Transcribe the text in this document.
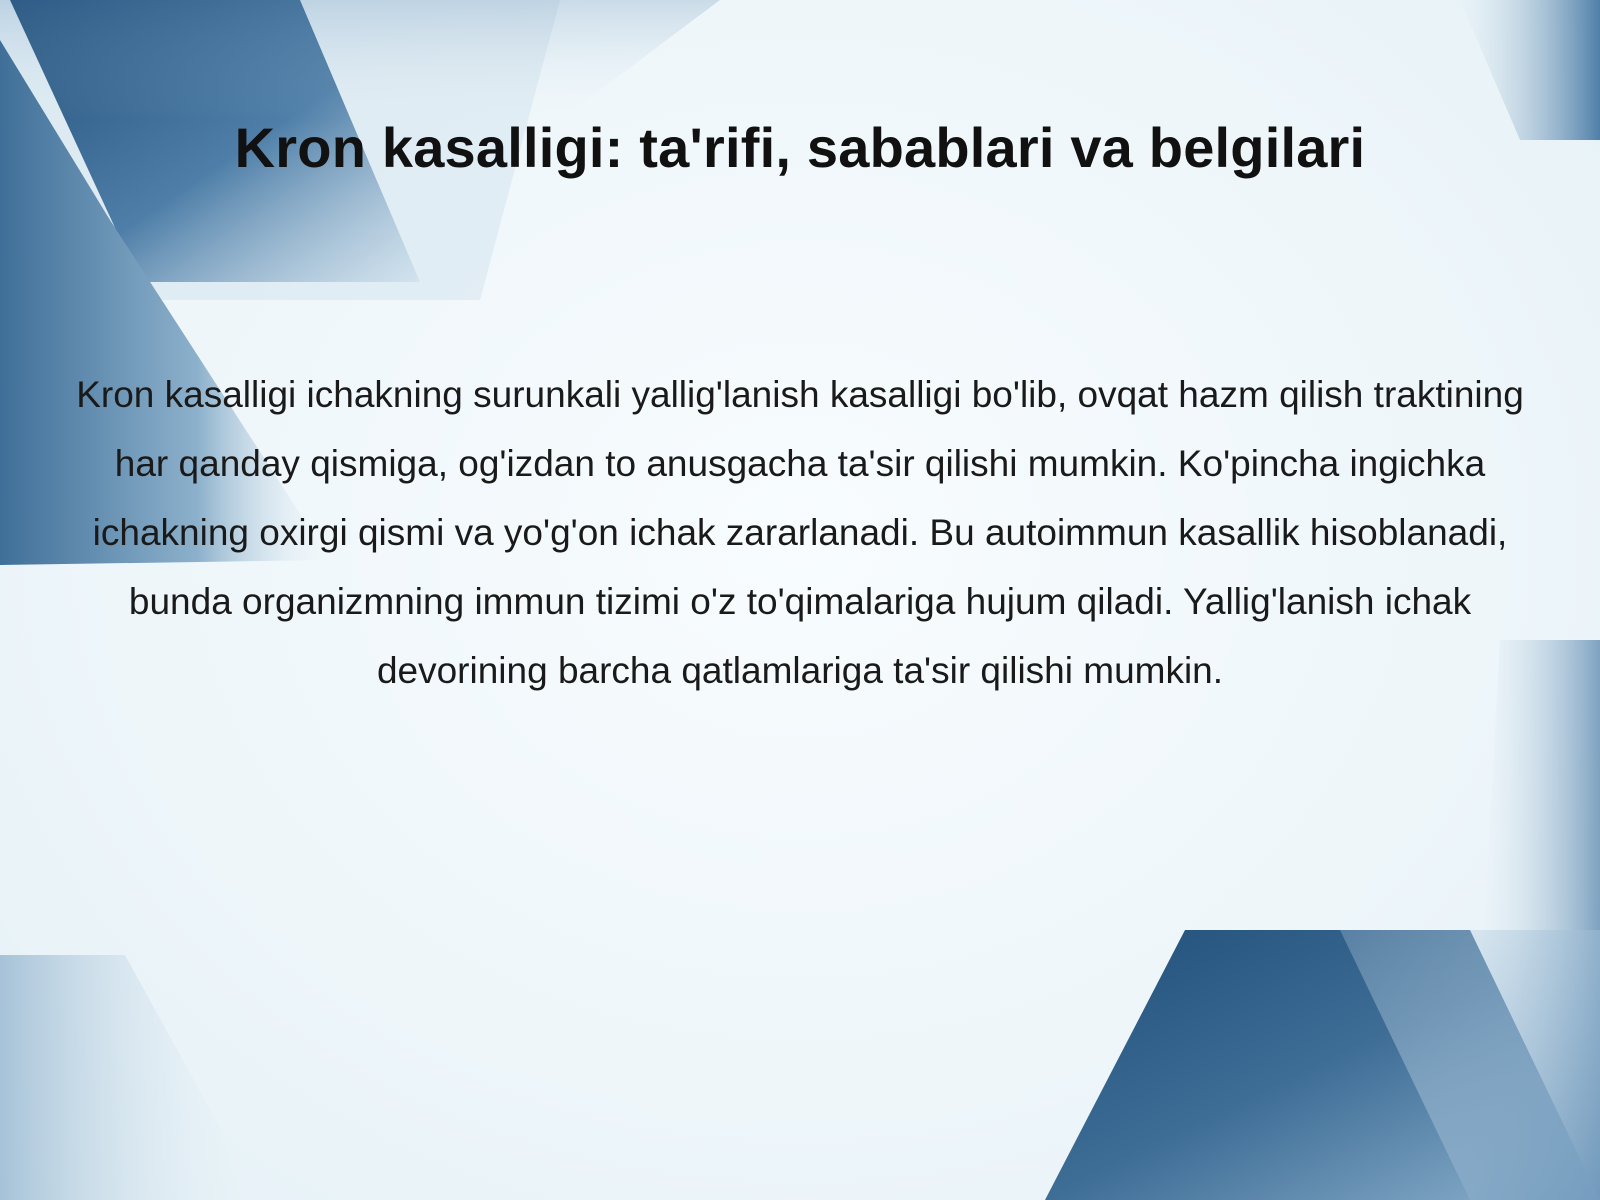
Kron kasalligi: ta'rifi, sabablari va belgilari

Kron kasalligi ichakning surunkali yallig'lanish kasalligi bo'lib, ovqat hazm qilish traktining har qanday qismiga, og'izdan to anusgacha ta'sir qilishi mumkin. Ko'pincha ingichka ichakning oxirgi qismi va yo'g'on ichak zararlanadi. Bu autoimmun kasallik hisoblanadi, bunda organizmning immun tizimi o'z to'qimalariga hujum qiladi. Yallig'lanish ichak devorining barcha qatlamlariga ta'sir qilishi mumkin.
